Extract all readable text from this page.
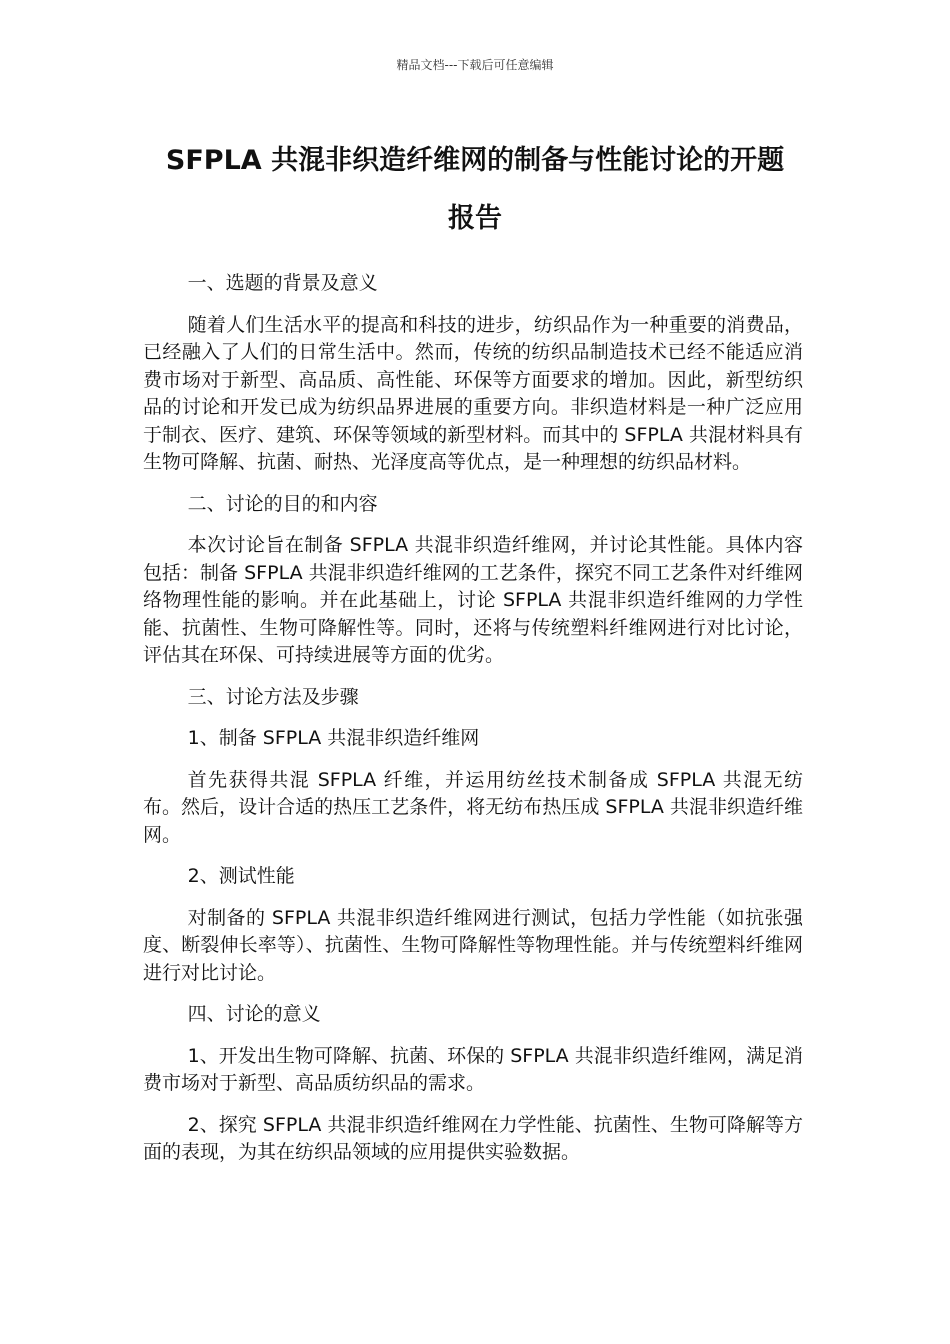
精品文档---下载后可任意编辑
SFPLA 共混非织造纤维网的制备与性能讨论的开题
报告

一、选题的背景及意义

随着人们生活水平的提高和科技的进步，纺织品作为一种重要的消费品，已经融入了人们的日常生活中。然而，传统的纺织品制造技术已经不能适应消费市场对于新型、高品质、高性能、环保等方面要求的增加。因此，新型纺织品的讨论和开发已成为纺织品界进展的重要方向。非织造材料是一种广泛应用于制衣、医疗、建筑、环保等领域的新型材料。而其中的 SFPLA 共混材料具有生物可降解、抗菌、耐热、光泽度高等优点，是一种理想的纺织品材料。

二、讨论的目的和内容

本次讨论旨在制备 SFPLA 共混非织造纤维网，并讨论其性能。具体内容包括：制备 SFPLA 共混非织造纤维网的工艺条件，探究不同工艺条件对纤维网络物理性能的影响。并在此基础上，讨论 SFPLA 共混非织造纤维网的力学性能、抗菌性、生物可降解性等。同时，还将与传统塑料纤维网进行对比讨论，评估其在环保、可持续进展等方面的优劣。

三、讨论方法及步骤

1、制备 SFPLA 共混非织造纤维网

首先获得共混 SFPLA 纤维，并运用纺丝技术制备成 SFPLA 共混无纺布。然后，设计合适的热压工艺条件，将无纺布热压成 SFPLA 共混非织造纤维网。

2、测试性能

对制备的 SFPLA 共混非织造纤维网进行测试，包括力学性能（如抗张强度、断裂伸长率等）、抗菌性、生物可降解性等物理性能。并与传统塑料纤维网进行对比讨论。

四、讨论的意义

1、开发出生物可降解、抗菌、环保的 SFPLA 共混非织造纤维网，满足消费市场对于新型、高品质纺织品的需求。

2、探究 SFPLA 共混非织造纤维网在力学性能、抗菌性、生物可降解等方面的表现，为其在纺织品领域的应用提供实验数据。
